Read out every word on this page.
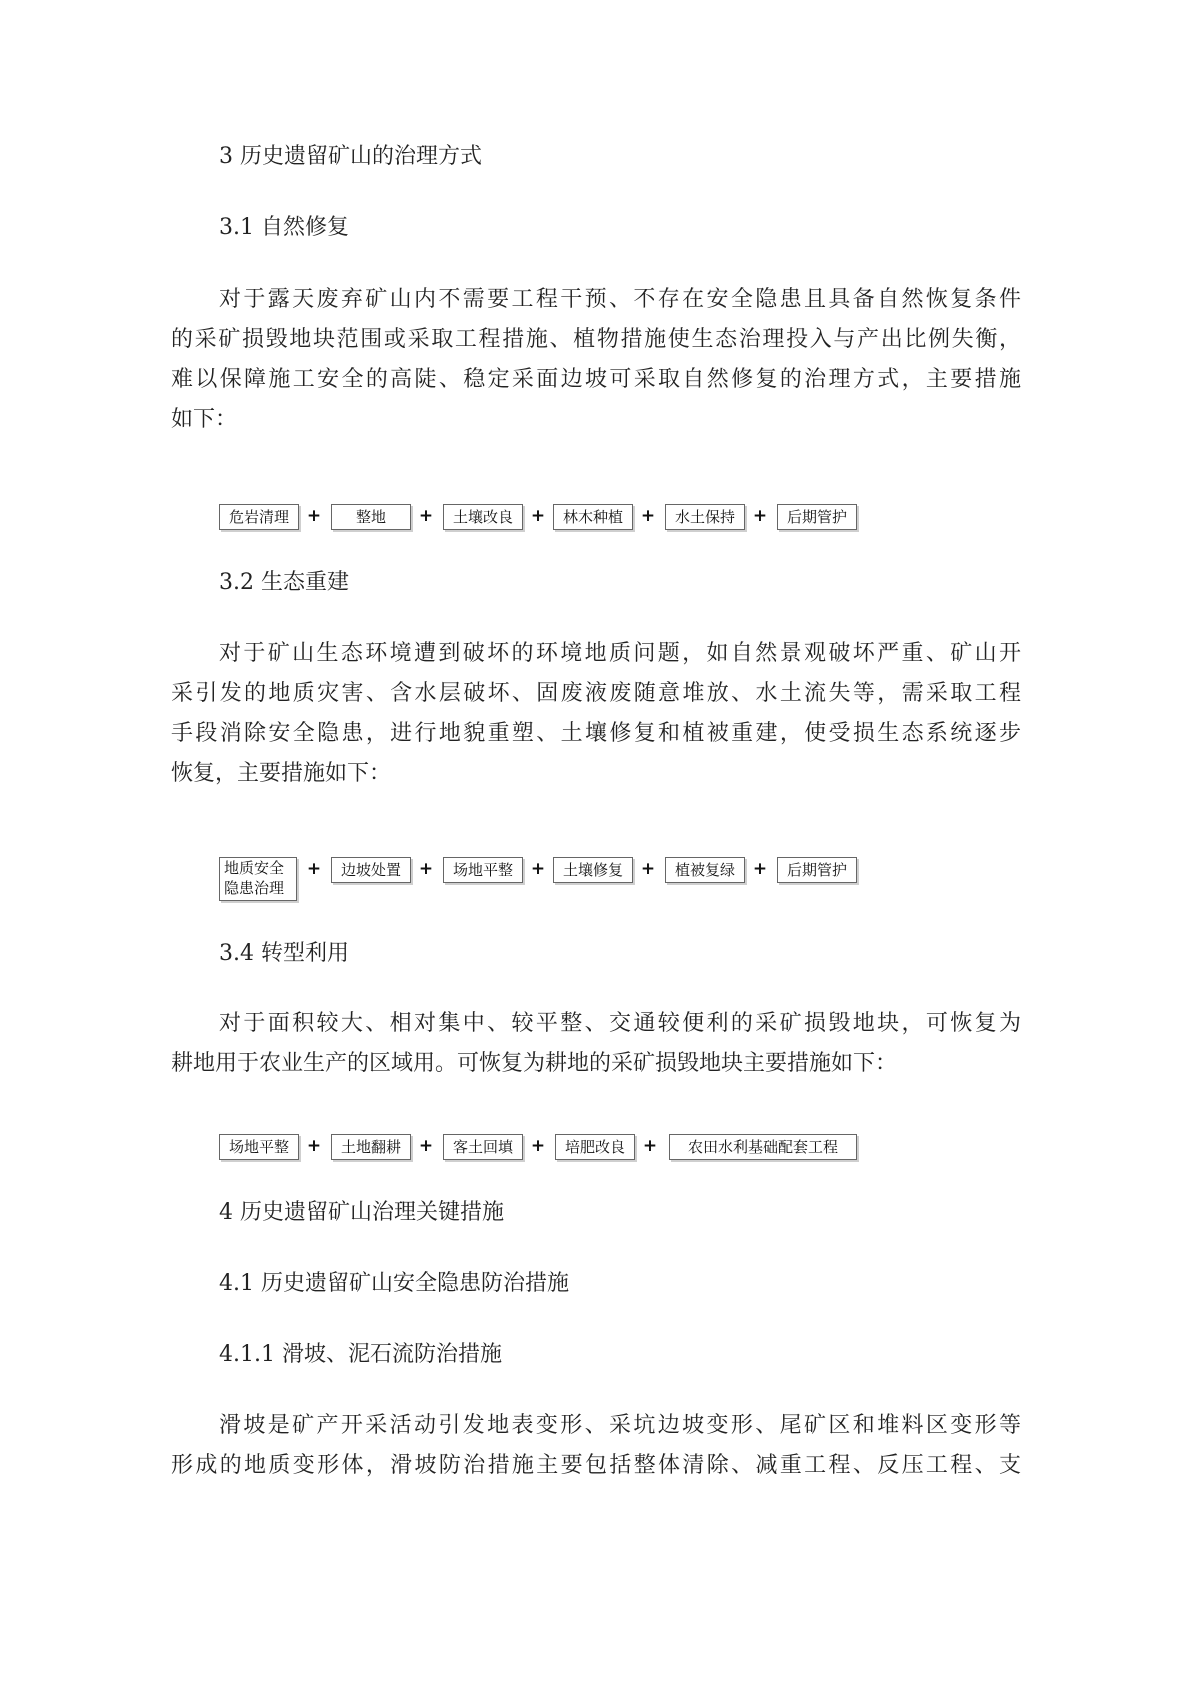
3 历史遗留矿山的治理方式
3.1 自然修复

对于露天废弃矿山内不需要工程干预、不存在安全隐患且具备自然恢复条件
的采矿损毁地块范围或采取工程措施、植物措施使生态治理投入与产出比例失衡，
难以保障施工安全的高陡、稳定采面边坡可采取自然修复的治理方式，主要措施
如下：

危岩清理	+	整地	+	土壤改良	+	林木种植	+	水土保持	+	后期管护
3.2 生态重建

对于矿山生态环境遭到破坏的环境地质问题，如自然景观破坏严重、矿山开
采引发的地质灾害、含水层破坏、固废液废随意堆放、水土流失等，需采取工程
手段消除安全隐患，进行地貌重塑、土壤修复和植被重建，使受损生态系统逐步
恢复，主要措施如下：

地质安全
隐患治理
+	边坡处置	+	场地平整	+	土壤修复	+	植被复绿	+	后期管护
3.4 转型利用

对于面积较大、相对集中、较平整、交通较便利的采矿损毁地块，可恢复为
耕地用于农业生产的区域用。可恢复为耕地的采矿损毁地块主要措施如下：

场地平整	+	土地翻耕	+	客土回填	+	培肥改良	+	农田水利基础配套工程
4 历史遗留矿山治理关键措施
4.1 历史遗留矿山安全隐患防治措施
4.1.1 滑坡、泥石流防治措施

滑坡是矿产开采活动引发地表变形、采坑边坡变形、尾矿区和堆料区变形等
形成的地质变形体，滑坡防治措施主要包括整体清除、减重工程、反压工程、支
